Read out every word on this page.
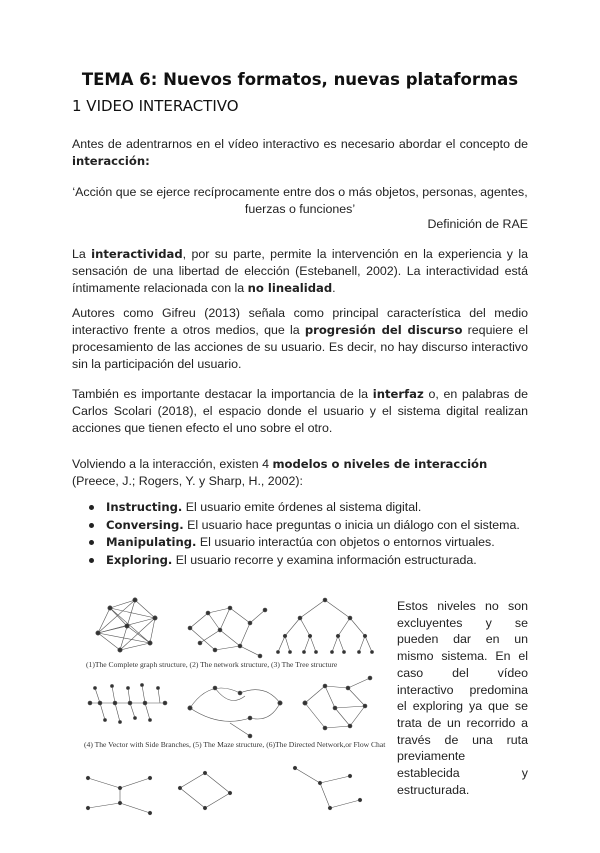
TEMA 6: Nuevos formatos, nuevas plataformas
1 VIDEO INTERACTIVO

Antes de adentrarnos en el vídeo interactivo es necesario abordar el concepto de interacción:

‘Acción que se ejerce recíprocamente entre dos o más objetos, personas, agentes, fuerzas o funciones’
Definición de RAE

La interactividad, por su parte, permite la intervención en la experiencia y la sensación de una libertad de elección (Estebanell, 2002). La interactividad está íntimamente relacionada con la no linealidad.

Autores como Gifreu (2013) señala como principal característica del medio interactivo frente a otros medios, que la progresión del discurso requiere el procesamiento de las acciones de su usuario. Es decir, no hay discurso interactivo sin la participación del usuario.

También es importante destacar la importancia de la interfaz o, en palabras de Carlos Scolari (2018), el espacio donde el usuario y el sistema digital realizan acciones que tienen efecto el uno sobre el otro.

Volviendo a la interacción, existen 4 modelos o niveles de interacción (Preece, J.; Rogers, Y. y Sharp, H., 2002):

Instructing. El usuario emite órdenes al sistema digital.
Conversing. El usuario hace preguntas o inicia un diálogo con el sistema.
Manipulating. El usuario interactúa con objetos o entornos virtuales.
Exploring. El usuario recorre y examina información estructurada.
(1)The Complete graph structure, (2) The network structure, (3) The Tree structure
(4) The Vector with Side Branches, (5) The Maze structure, (6)The Directed Network,or Flow Chat

Estos niveles no son excluyentes y se pueden dar en un mismo sistema. En el caso del vídeo interactivo predomina el exploring ya que se trata de un recorrido a través de una ruta previamente establecida y estructurada.
